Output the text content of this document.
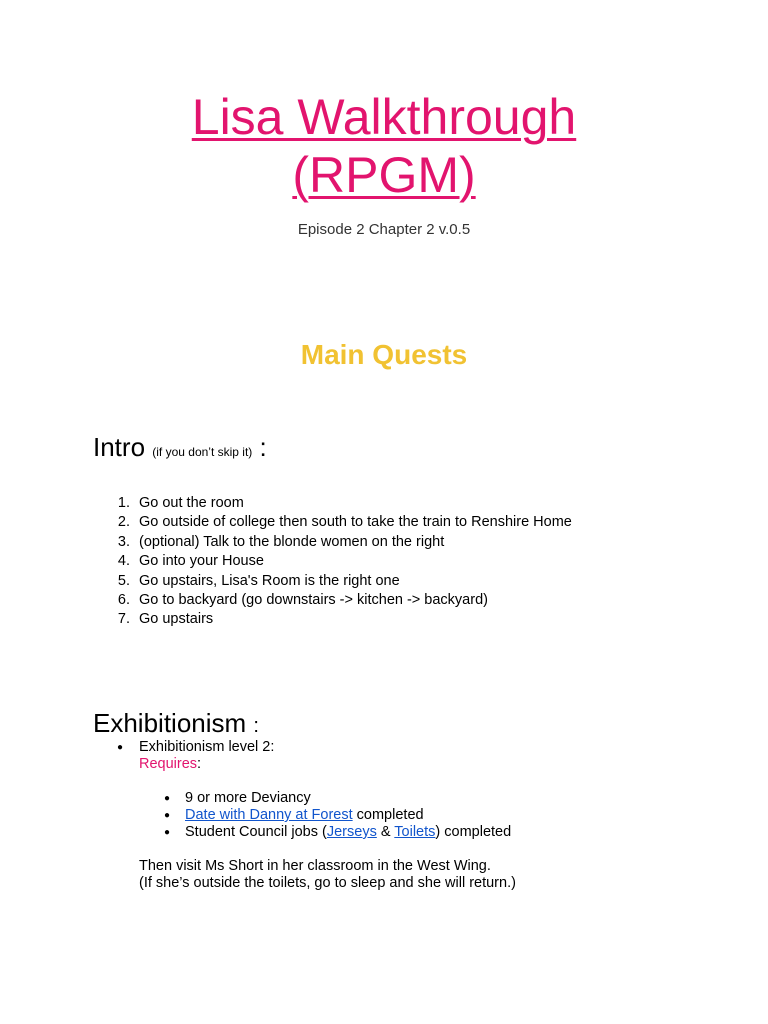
Lisa Walkthrough
(RPGM)

Episode 2 Chapter 2 v.0.5

Main Quests
Intro (if you don’t skip it) :
1. Go out the room
2. Go outside of college then south to take the train to Renshire Home
3. (optional) Talk to the blonde women on the right
4. Go into your House
5. Go upstairs, Lisa's Room is the right one
6. Go to backyard (go downstairs -> kitchen -> backyard)
7. Go upstairs
Exhibitionism :
● Exhibitionism level 2:
Requires:
● 9 or more Deviancy
● Date with Danny at Forest completed
● Student Council jobs (Jerseys & Toilets) completed
Then visit Ms Short in her classroom in the West Wing.
(If she’s outside the toilets, go to sleep and she will return.)
